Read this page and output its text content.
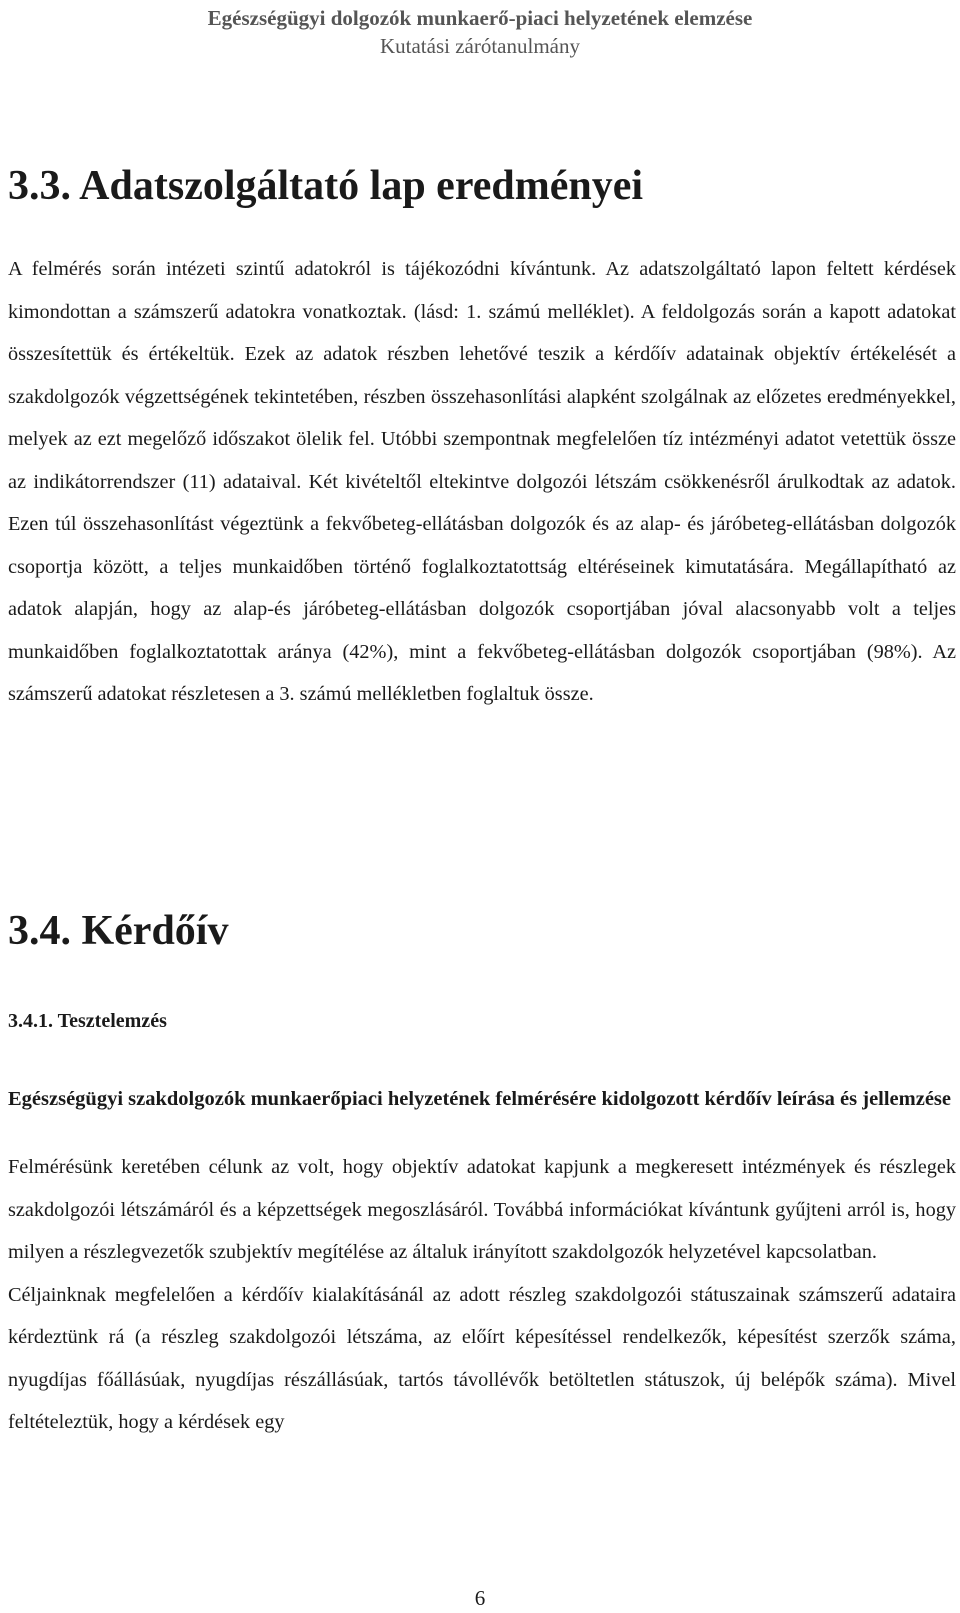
Egészségügyi dolgozók munkaerő-piaci helyzetének elemzése
Kutatási zárótanulmány
3.3. Adatszolgáltató lap eredményei

A felmérés során intézeti szintű adatokról is tájékozódni kívántunk. Az adatszolgáltató lapon feltett kérdések kimondottan a számszerű adatokra vonatkoztak. (lásd: 1. számú melléklet). A feldolgozás során a kapott adatokat összesítettük és értékeltük. Ezek az adatok részben lehetővé teszik a kérdőív adatainak objektív értékelését a szakdolgozók végzettségének tekintetében, részben összehasonlítási alapként szolgálnak az előzetes eredményekkel, melyek az ezt megelőző időszakot ölelik fel. Utóbbi szempontnak megfelelően tíz intézményi adatot vetettük össze az indikátorrendszer (11) adataival. Két kivételtől eltekintve dolgozói létszám csökkenésről árulkodtak az adatok. Ezen túl összehasonlítást végeztünk a fekvőbeteg-ellátásban dolgozók és az alap- és járóbeteg-ellátásban dolgozók csoportja között, a teljes munkaidőben történő foglalkoztatottság eltéréseinek kimutatására. Megállapítható az adatok alapján, hogy az alap-és járóbeteg-ellátásban dolgozók csoportjában jóval alacsonyabb volt a teljes munkaidőben foglalkoztatottak aránya (42%), mint a fekvőbeteg-ellátásban dolgozók csoportjában (98%). Az számszerű adatokat részletesen a 3. számú mellékletben foglaltuk össze.

3.4. Kérdőív
3.4.1. Tesztelemzés
Egészségügyi szakdolgozók munkaerőpiaci helyzetének felmérésére kidolgozott kérdőív leírása és jellemzése

Felmérésünk keretében célunk az volt, hogy objektív adatokat kapjunk a megkeresett intézmények és részlegek szakdolgozói létszámáról és a képzettségek megoszlásáról. Továbbá információkat kívántunk gyűjteni arról is, hogy milyen a részlegvezetők szubjektív megítélése az általuk irányított szakdolgozók helyzetével kapcsolatban.

Céljainknak megfelelően a kérdőív kialakításánál az adott részleg szakdolgozói státuszainak számszerű adataira kérdeztünk rá (a részleg szakdolgozói létszáma, az előírt képesítéssel rendelkezők, képesítést szerzők száma, nyugdíjas főállásúak, nyugdíjas részállásúak, tartós távollévők betöltetlen státuszok, új belépők száma). Mivel feltételeztük, hogy a kérdések egy

6
